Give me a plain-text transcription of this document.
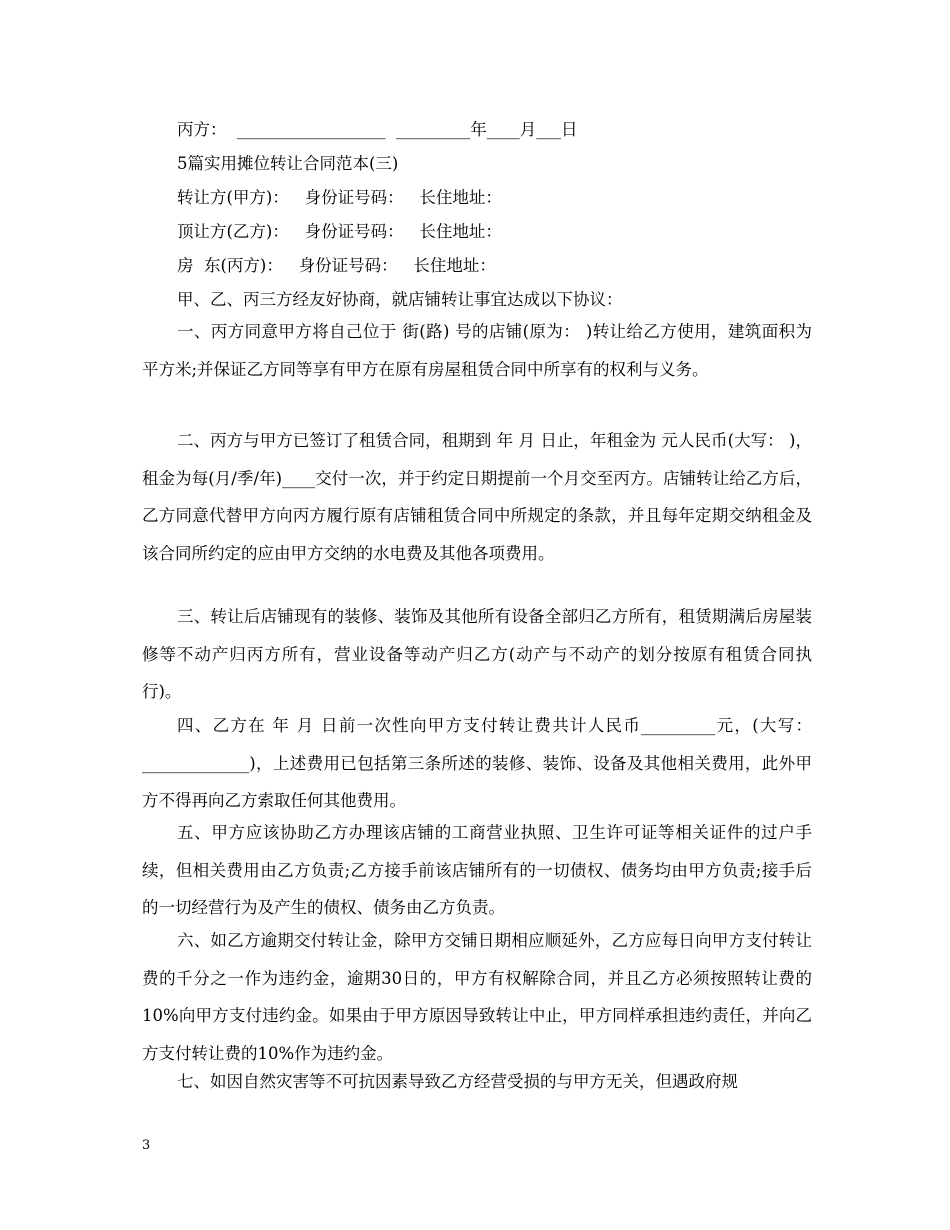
丙方：  __________________  _________年____月___日
5篇实用摊位转让合同范本(三)
转让方(甲方)：   身份证号码：   长住地址：
顶让方(乙方)：   身份证号码：   长住地址：
房  东(丙方)：   身份证号码：   长住地址：
甲、乙、丙三方经友好协商，就店铺转让事宜达成以下协议：

一、丙方同意甲方将自己位于 街(路) 号的店铺(原为： )转让给乙方使用，建筑面积为 平方米;并保证乙方同等享有甲方在原有房屋租赁合同中所享有的权利与义务。

二、丙方与甲方已签订了租赁合同，租期到 年 月 日止，年租金为 元人民币(大写： )，租金为每(月/季/年)____交付一次，并于约定日期提前一个月交至丙方。店铺转让给乙方后，乙方同意代替甲方向丙方履行原有店铺租赁合同中所规定的条款，并且每年定期交纳租金及该合同所约定的应由甲方交纳的水电费及其他各项费用。

三、转让后店铺现有的装修、装饰及其他所有设备全部归乙方所有，租赁期满后房屋装修等不动产归丙方所有，营业设备等动产归乙方(动产与不动产的划分按原有租赁合同执行)。

四、乙方在 年 月 日前一次性向甲方支付转让费共计人民币_________元，(大写：_____________)，上述费用已包括第三条所述的装修、装饰、设备及其他相关费用，此外甲方不得再向乙方索取任何其他费用。

五、甲方应该协助乙方办理该店铺的工商营业执照、卫生许可证等相关证件的过户手续，但相关费用由乙方负责;乙方接手前该店铺所有的一切债权、债务均由甲方负责;接手后的一切经营行为及产生的债权、债务由乙方负责。

六、如乙方逾期交付转让金，除甲方交铺日期相应顺延外，乙方应每日向甲方支付转让费的千分之一作为违约金，逾期30日的，甲方有权解除合同，并且乙方必须按照转让费的10%向甲方支付违约金。如果由于甲方原因导致转让中止，甲方同样承担违约责任，并向乙方支付转让费的10%作为违约金。

七、如因自然灾害等不可抗因素导致乙方经营受损的与甲方无关，但遇政府规

3
